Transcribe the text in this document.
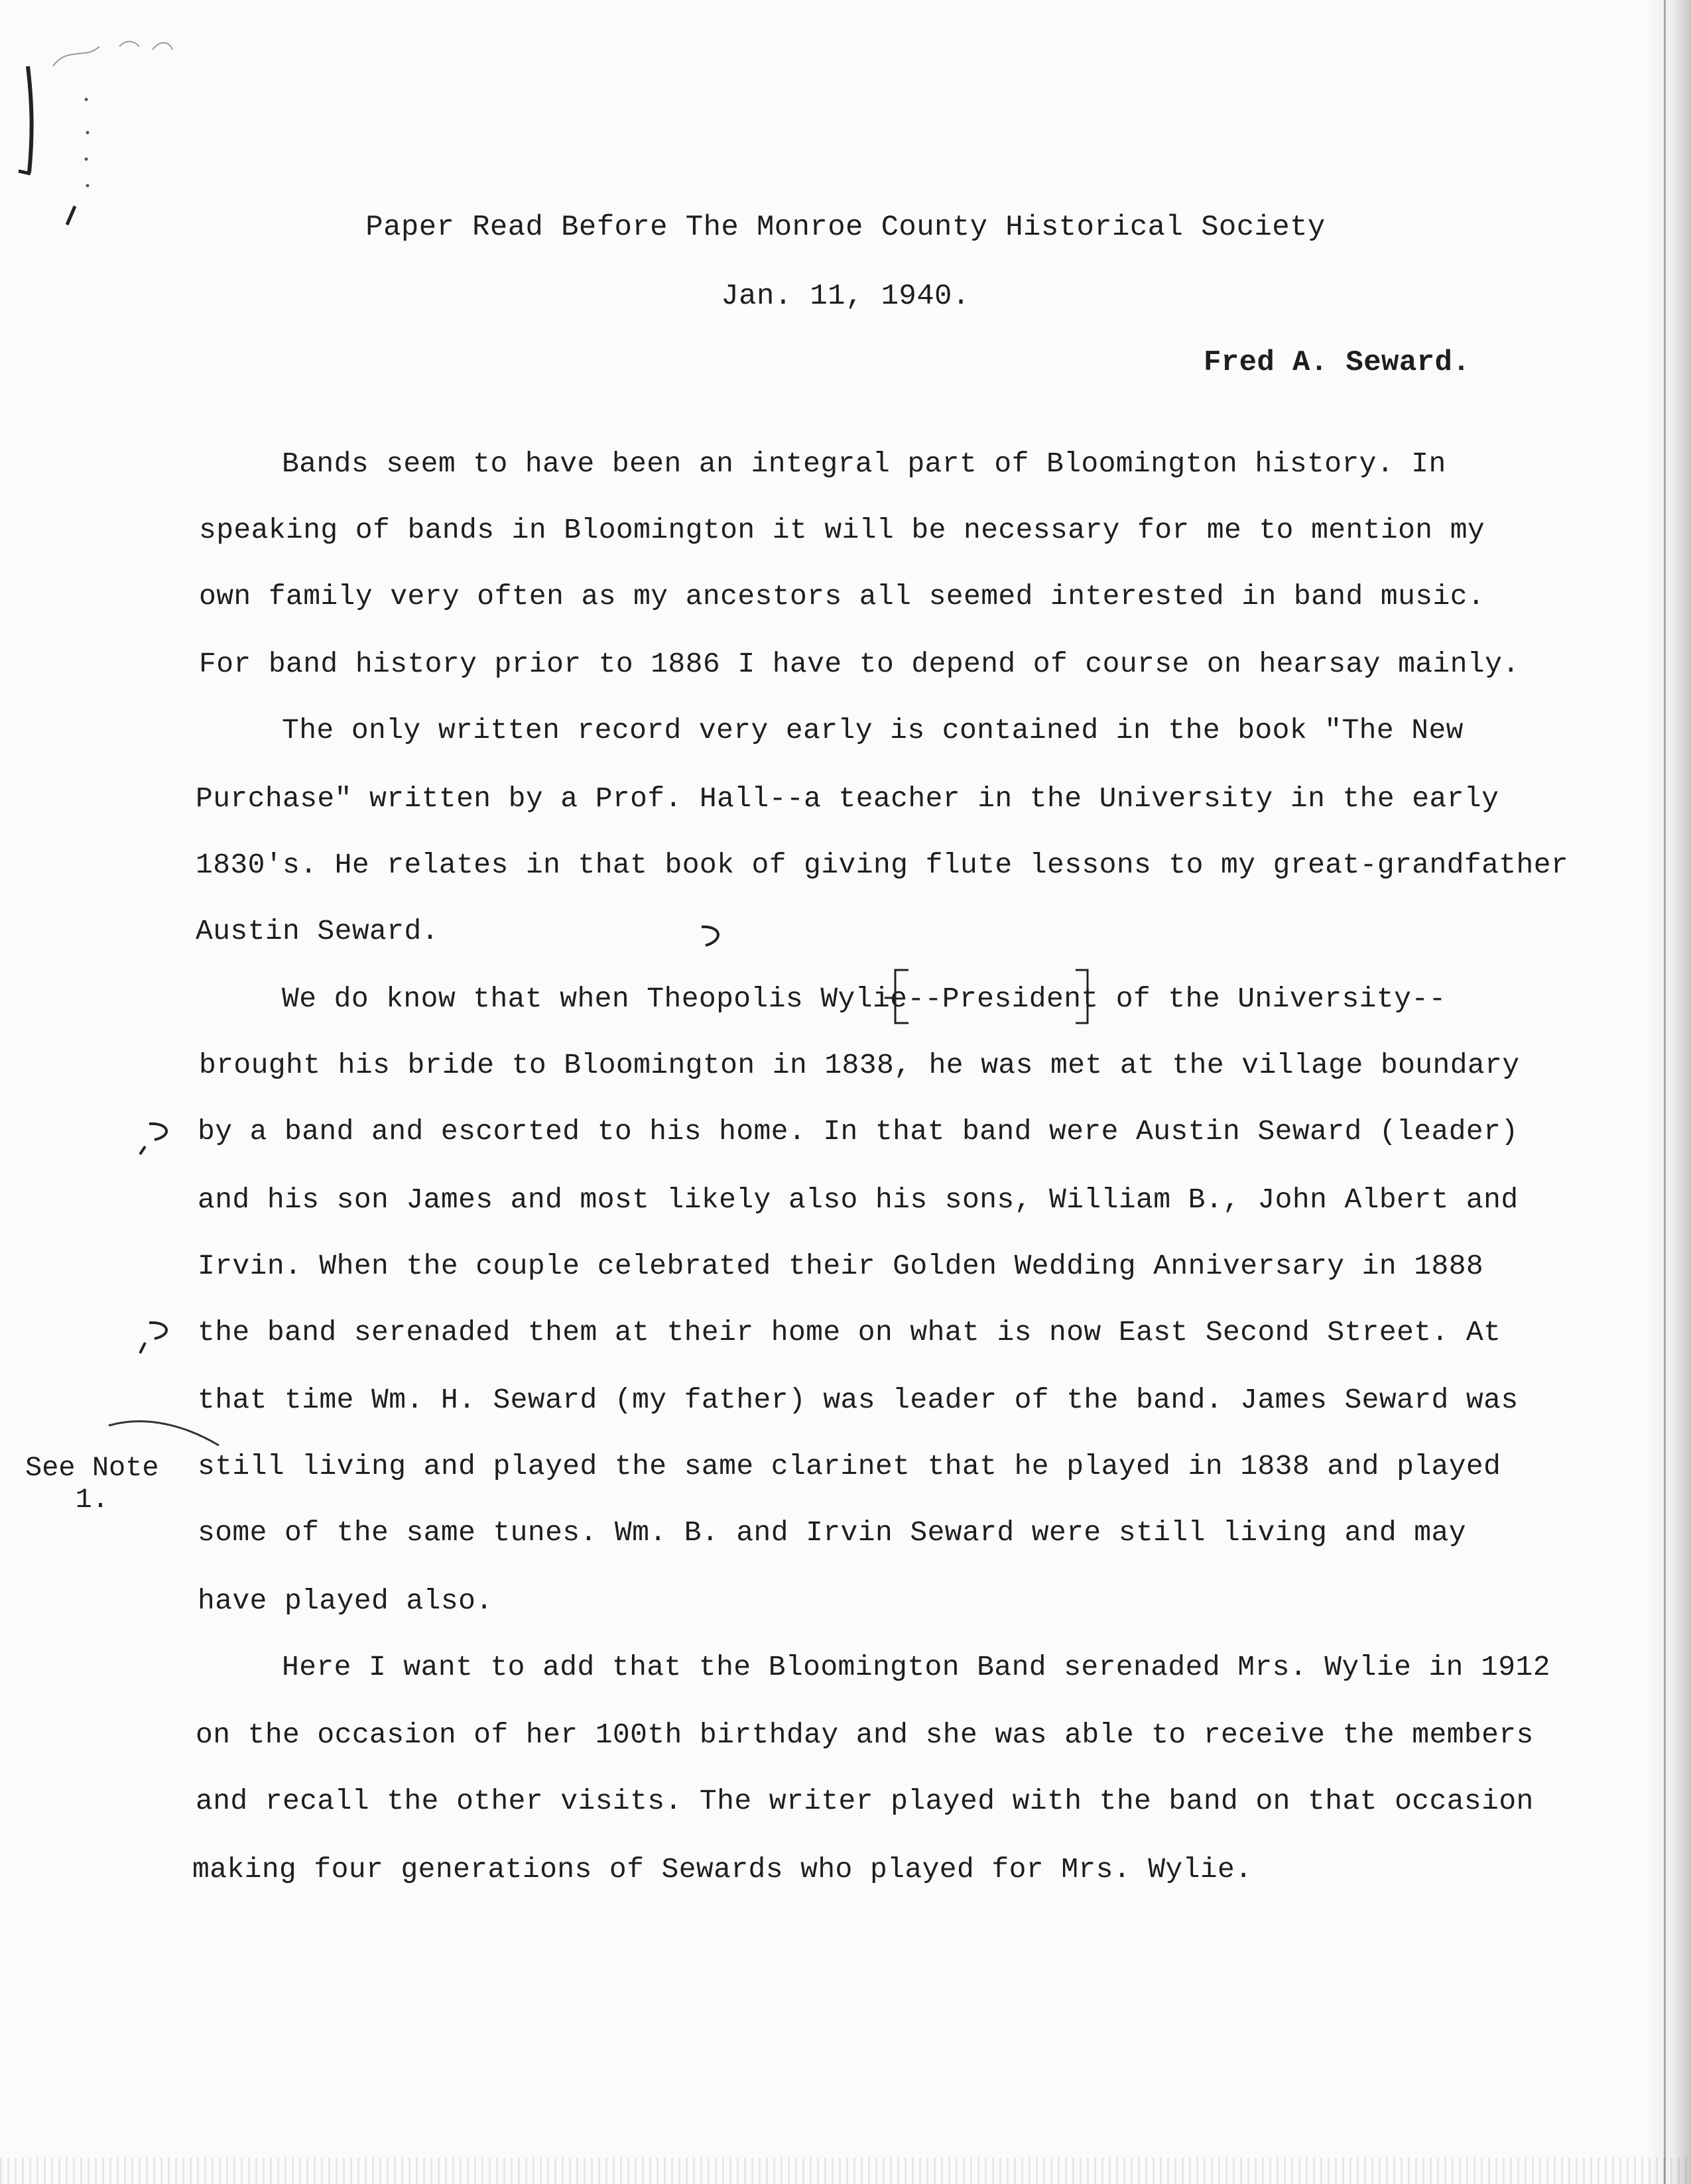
Paper Read Before The Monroe County Historical Society
Jan. 11, 1940.
Fred A. Seward.
Bands seem to have been an integral part of Bloomington history. In
speaking of bands in Bloomington it will be necessary for me to mention my
own family very often as my ancestors all seemed interested in band music.
For band history prior to 1886 I have to depend of course on hearsay mainly.
The only written record very early is contained in the book "The New
Purchase" written by a Prof. Hall--a teacher in the University in the early
1830's. He relates in that book of giving flute lessons to my great-grandfather
Austin Seward.
We do know that when Theopolis Wylie--President of the University--
brought his bride to Bloomington in 1838, he was met at the village boundary
by a band and escorted to his home. In that band were Austin Seward (leader)
and his son James and most likely also his sons, William B., John Albert and
Irvin. When the couple celebrated their Golden Wedding Anniversary in 1888
the band serenaded them at their home on what is now East Second Street. At
that time Wm. H. Seward (my father) was leader of the band. James Seward was
still living and played the same clarinet that he played in 1838 and played
some of the same tunes. Wm. B. and Irvin Seward were still living and may
have played also.
Here I want to add that the Bloomington Band serenaded Mrs. Wylie in 1912
on the occasion of her 100th birthday and she was able to receive the members
and recall the other visits. The writer played with the band on that occasion
making four generations of Sewards who played for Mrs. Wylie.
See Note
1.
